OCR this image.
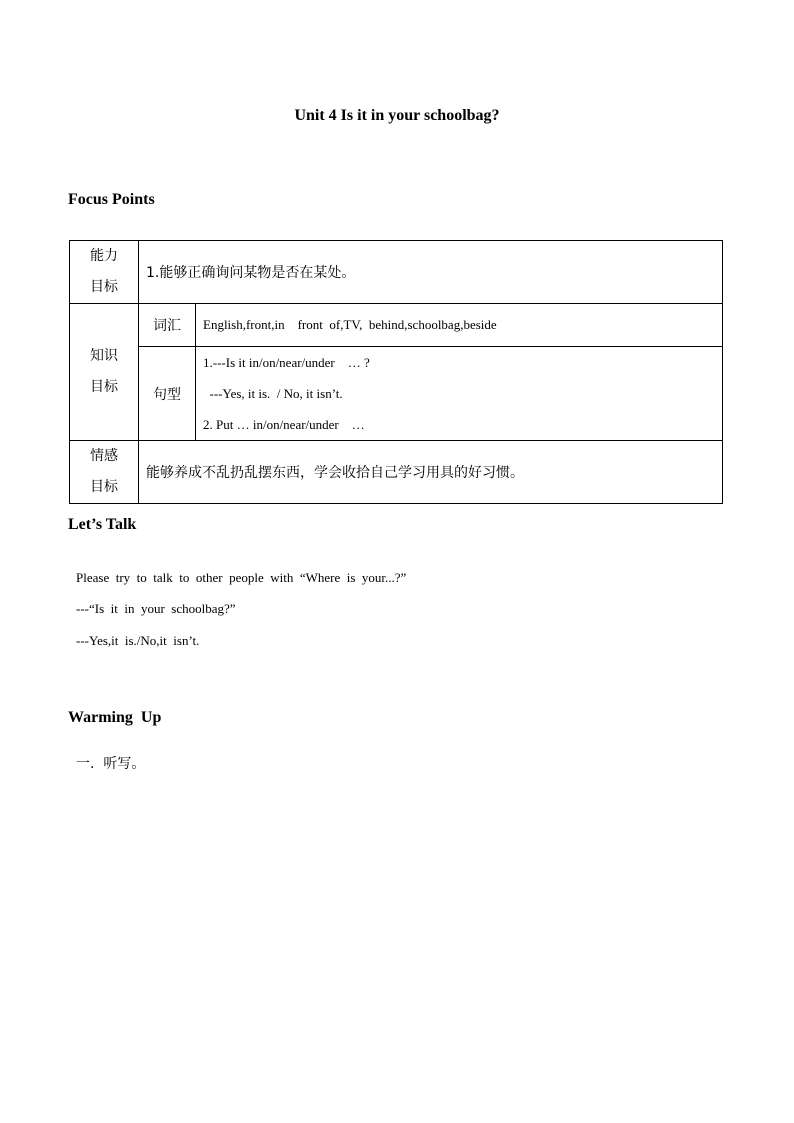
Unit 4 Is it in your schoolbag?
Focus Points
能力
目标	1.能够正确询问某物是否在某处。	

知识
目标	词汇	English,front,in    front  of,TV,  behind,schoolbag,beside
	句型	1.---Is it in/on/near/under    … ?
---Yes, it is.  / No, it isn’t.
2. Put … in/on/near/under    …

情感
目标	能够养成不乱扔乱摆东西，学会收拾自己学习用具的好习惯。	
Let’s Talk
Please  try  to  talk  to  other  people  with  “Where  is  your...?”
---“Is  it  in  your  schoolbag?”
---Yes,it  is./No,it  isn’t.
Warming  Up
一.  听写。
